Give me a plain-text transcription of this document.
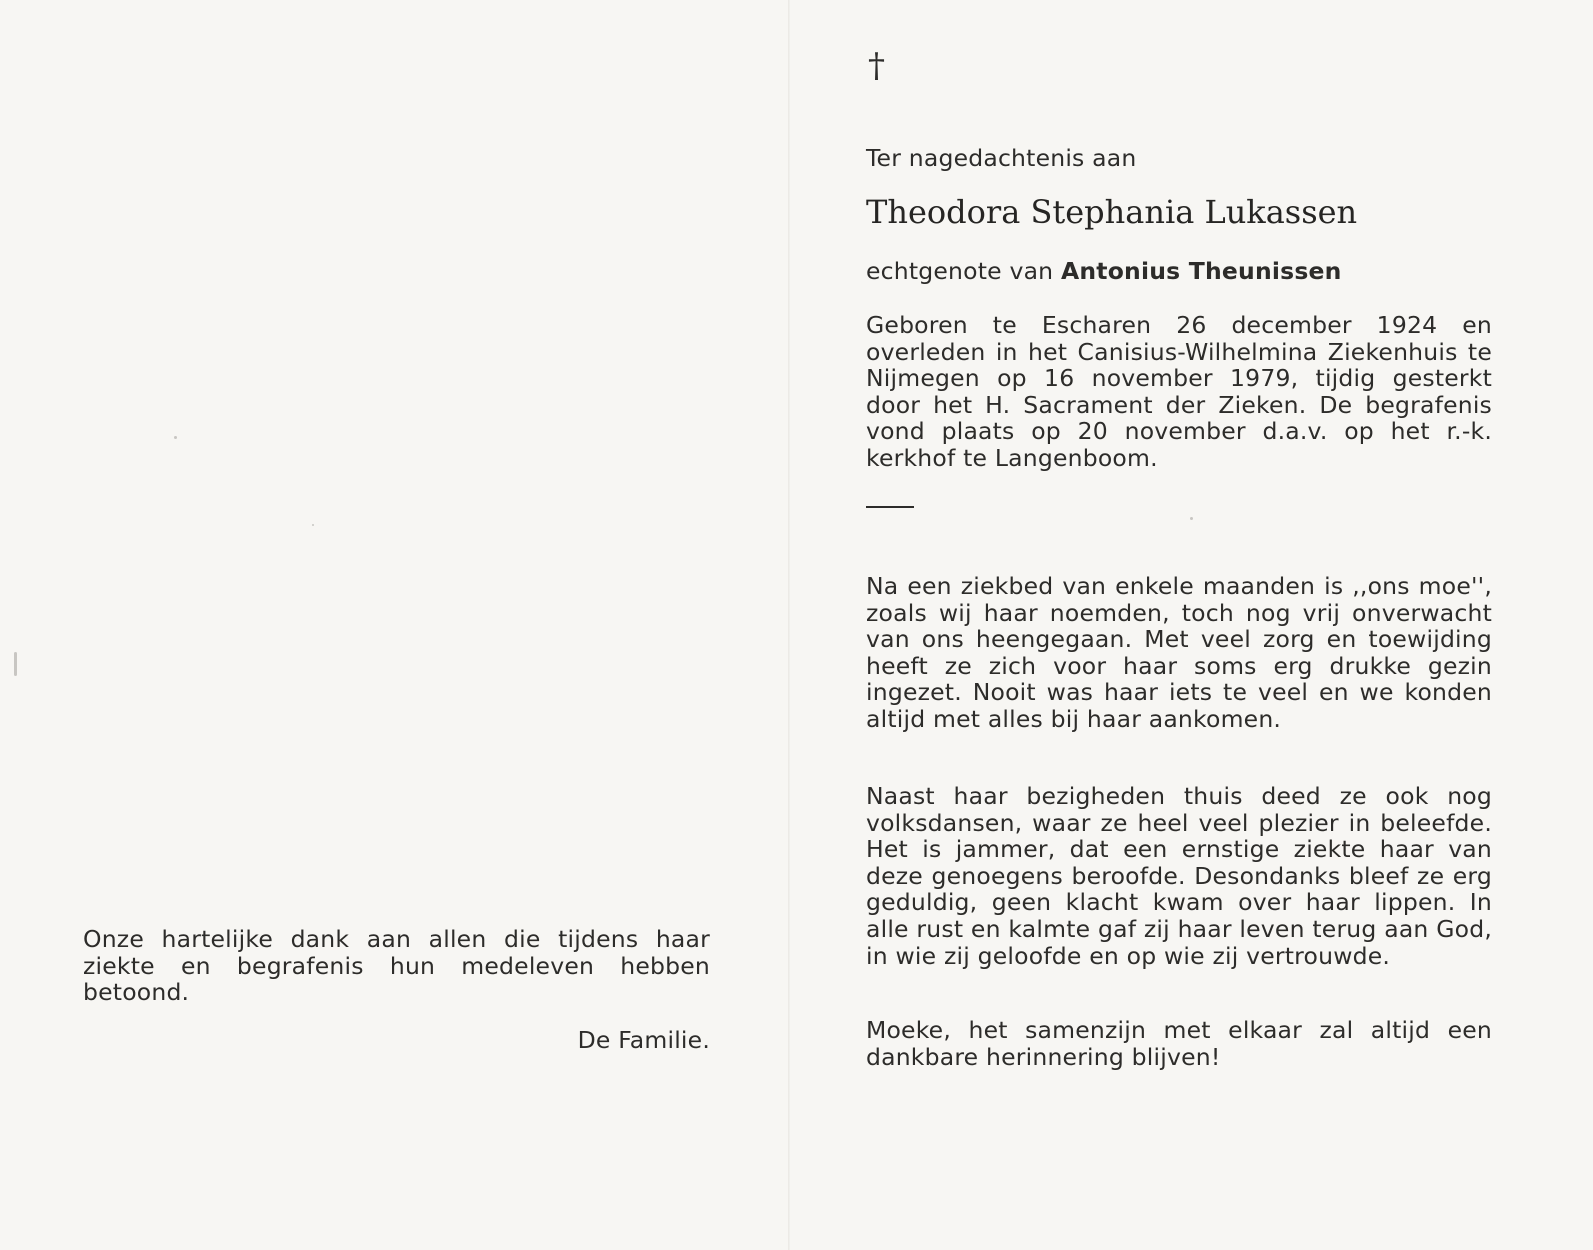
Onze hartelijke dank aan allen die tijdens haar ziekte en begrafenis hun medeleven hebben betoond.

De Familie.
†
Ter nagedachtenis aan
Theodora Stephania Lukassen
echtgenote van Antonius Theunissen

Geboren te Escharen 26 december 1924 en overleden in het Canisius-Wilhelmina Ziekenhuis te Nijmegen op 16 november 1979, tijdig gesterkt door het H. Sacrament der Zieken. De begrafenis vond plaats op 20 november d.a.v. op het r.-k. kerkhof te Langenboom.

Na een ziekbed van enkele maanden is ,,ons moe'', zoals wij haar noemden, toch nog vrij onverwacht van ons heengegaan. Met veel zorg en toewijding heeft ze zich voor haar soms erg drukke gezin ingezet. Nooit was haar iets te veel en we konden altijd met alles bij haar aankomen.

Naast haar bezigheden thuis deed ze ook nog volksdansen, waar ze heel veel plezier in beleefde. Het is jammer, dat een ernstige ziekte haar van deze genoegens beroofde. Desondanks bleef ze erg geduldig, geen klacht kwam over haar lippen. In alle rust en kalmte gaf zij haar leven terug aan God, in wie zij geloofde en op wie zij vertrouwde.

Moeke, het samenzijn met elkaar zal altijd een dankbare herinnering blijven!
